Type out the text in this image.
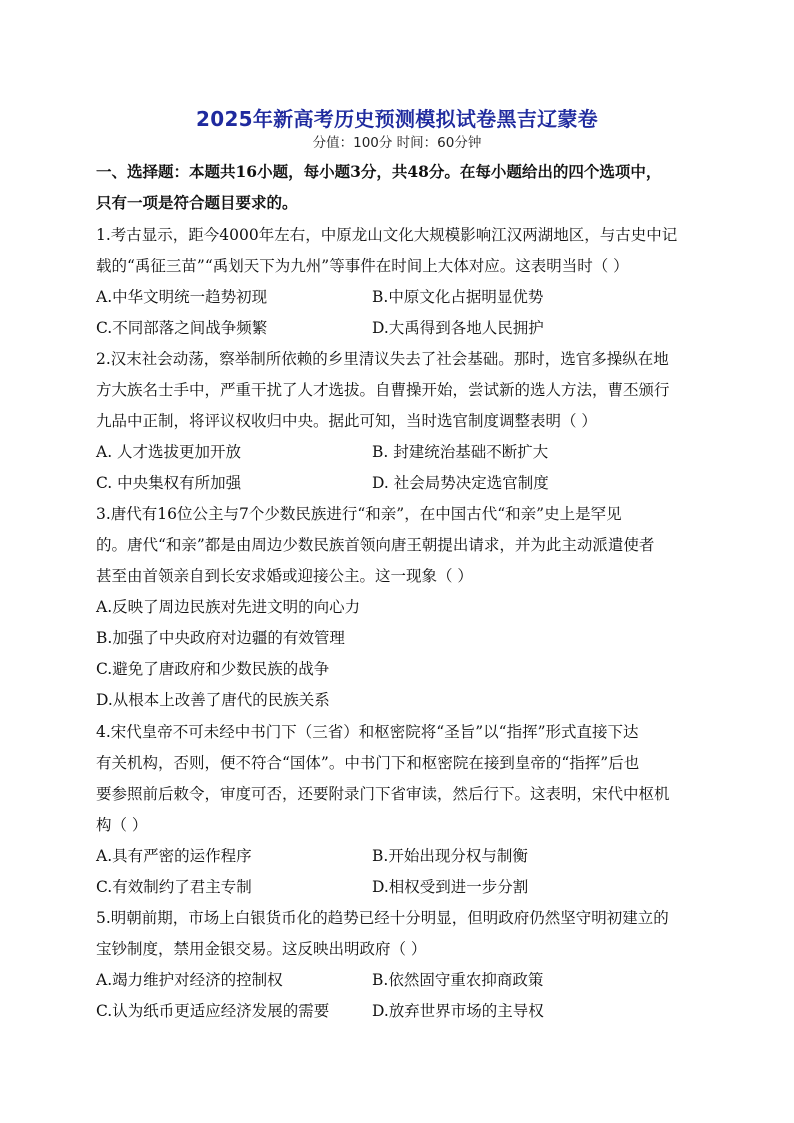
2025年新高考历史预测模拟试卷黑吉辽蒙卷
分值：100分 时间：60分钟
一、选择题：本题共16小题，每小题3分，共48分。在每小题给出的四个选项中，
只有一项是符合题目要求的。
1.考古显示，距今4000年左右，中原龙山文化大规模影响江汉两湖地区，与古史中记
载的“禹征三苗”“禹划天下为九州”等事件在时间上大体对应。这表明当时（ ）
A.中华文明统一趋势初现	B.中原文化占据明显优势
C.不同部落之间战争频繁	D.大禹得到各地人民拥护
2.汉末社会动荡，察举制所依赖的乡里清议失去了社会基础。那时，选官多操纵在地
方大族名士手中，严重干扰了人才选拔。自曹操开始，尝试新的选人方法，曹丕颁行
九品中正制，将评议权收归中央。据此可知，当时选官制度调整表明（ ）
A. 人才选拔更加开放	B. 封建统治基础不断扩大
C. 中央集权有所加强	D. 社会局势决定选官制度
3.唐代有16位公主与7个少数民族进行“和亲”，在中国古代“和亲”史上是罕见
的。唐代“和亲”都是由周边少数民族首领向唐王朝提出请求，并为此主动派遣使者
甚至由首领亲自到长安求婚或迎接公主。这一现象（ ）
A.反映了周边民族对先进文明的向心力
B.加强了中央政府对边疆的有效管理
C.避免了唐政府和少数民族的战争
D.从根本上改善了唐代的民族关系
4.宋代皇帝不可未经中书门下（三省）和枢密院将“圣旨”以“指挥”形式直接下达
有关机构，否则，便不符合“国体”。中书门下和枢密院在接到皇帝的“指挥”后也
要参照前后敕令，审度可否，还要附录门下省审读，然后行下。这表明，宋代中枢机
构（ ）
A.具有严密的运作程序	B.开始出现分权与制衡
C.有效制约了君主专制	D.相权受到进一步分割
5.明朝前期，市场上白银货币化的趋势已经十分明显，但明政府仍然坚守明初建立的
宝钞制度，禁用金银交易。这反映出明政府（ ）
A.竭力维护对经济的控制权	B.依然固守重农抑商政策
C.认为纸币更适应经济发展的需要	D.放弃世界市场的主导权
